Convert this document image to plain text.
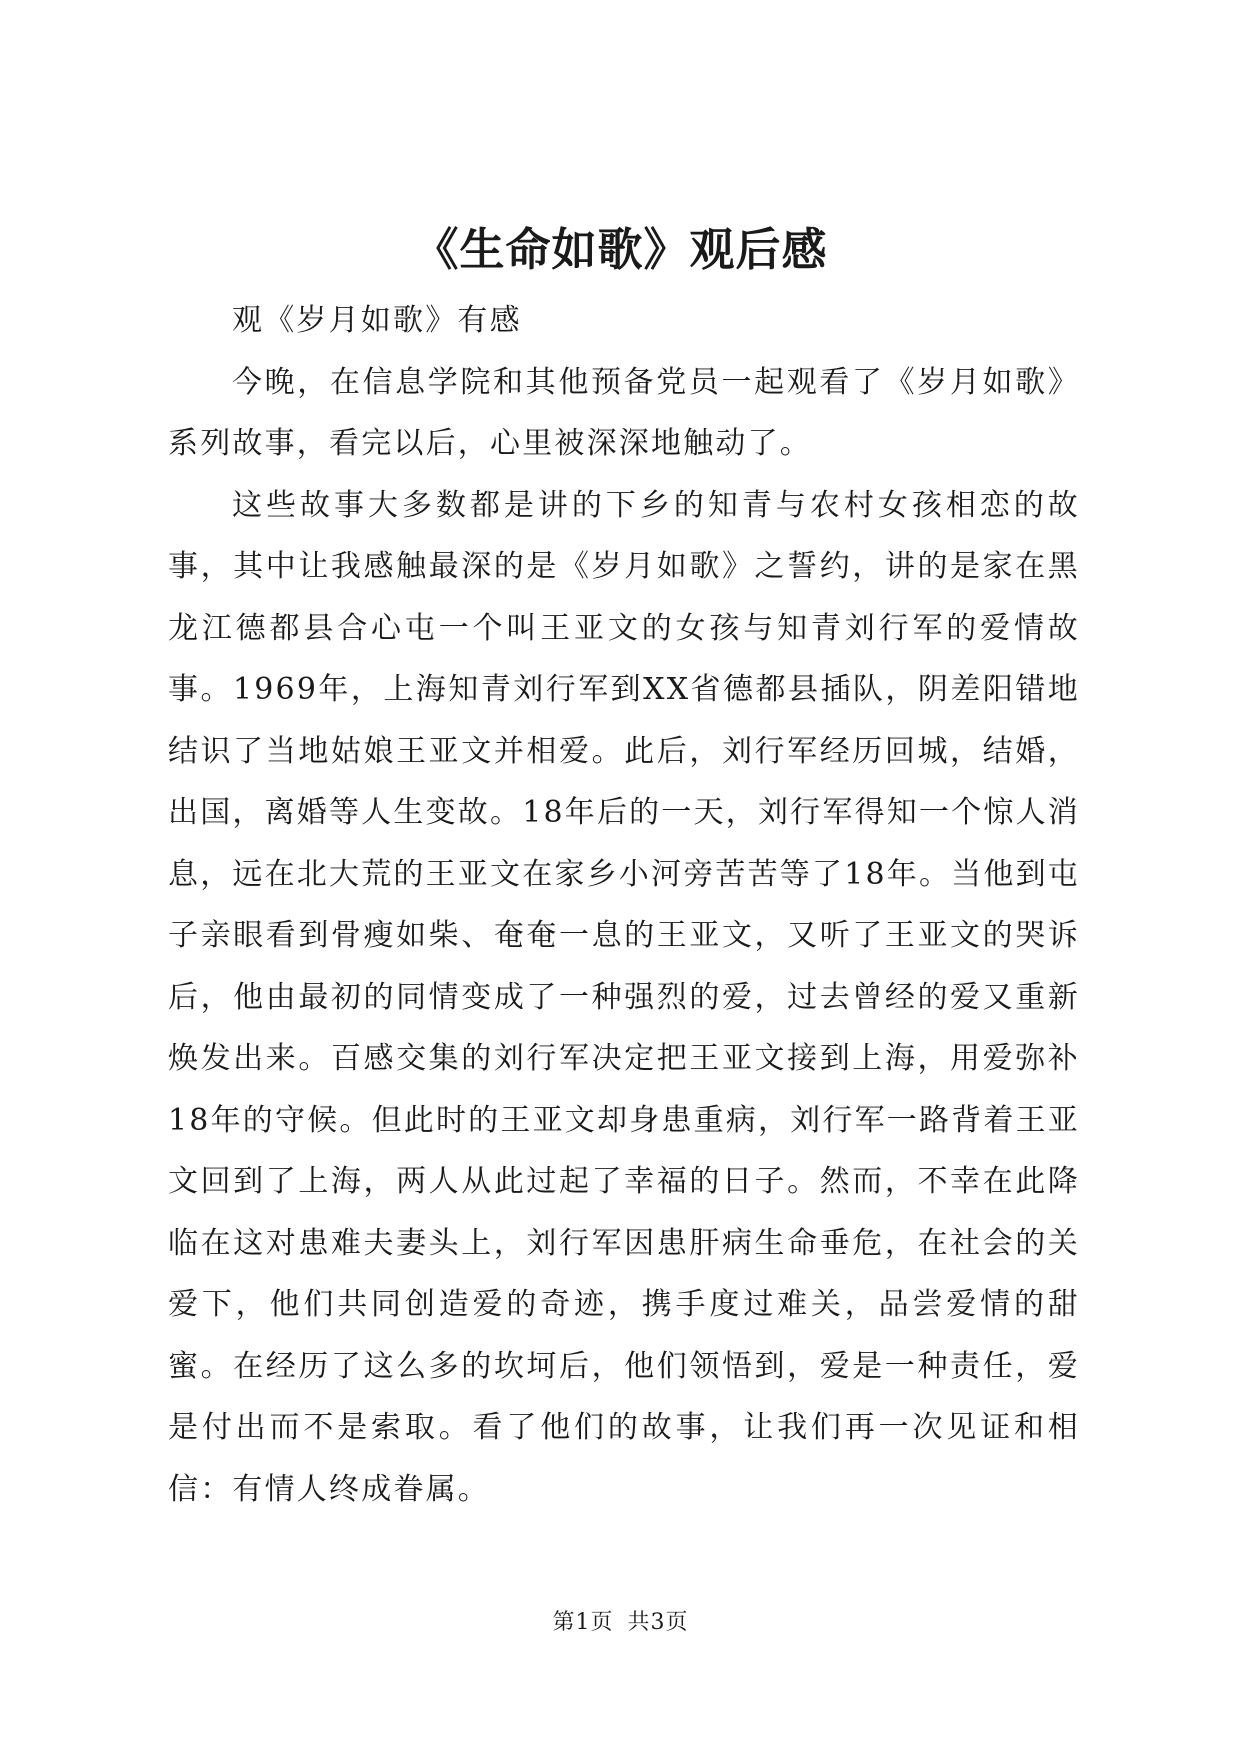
《生命如歌》观后感

观《岁月如歌》有感

今晚，在信息学院和其他预备党员一起观看了《岁月如歌》系列故事，看完以后，心里被深深地触动了。

这些故事大多数都是讲的下乡的知青与农村女孩相恋的故事，其中让我感触最深的是《岁月如歌》之誓约，讲的是家在黑龙江德都县合心屯一个叫王亚文的女孩与知青刘行军的爱情故事。1969年，上海知青刘行军到XX省德都县插队，阴差阳错地结识了当地姑娘王亚文并相爱。此后，刘行军经历回城，结婚，出国，离婚等人生变故。18年后的一天，刘行军得知一个惊人消息，远在北大荒的王亚文在家乡小河旁苦苦等了18年。当他到屯子亲眼看到骨瘦如柴、奄奄一息的王亚文，又听了王亚文的哭诉后，他由最初的同情变成了一种强烈的爱，过去曾经的爱又重新焕发出来。百感交集的刘行军决定把王亚文接到上海，用爱弥补18年的守候。但此时的王亚文却身患重病，刘行军一路背着王亚文回到了上海，两人从此过起了幸福的日子。然而，不幸在此降临在这对患难夫妻头上，刘行军因患肝病生命垂危，在社会的关爱下，他们共同创造爱的奇迹，携手度过难关，品尝爱情的甜蜜。在经历了这么多的坎坷后，他们领悟到，爱是一种责任，爱是付出而不是索取。看了他们的故事，让我们再一次见证和相信：有情人终成眷属。

第1页 共3页
